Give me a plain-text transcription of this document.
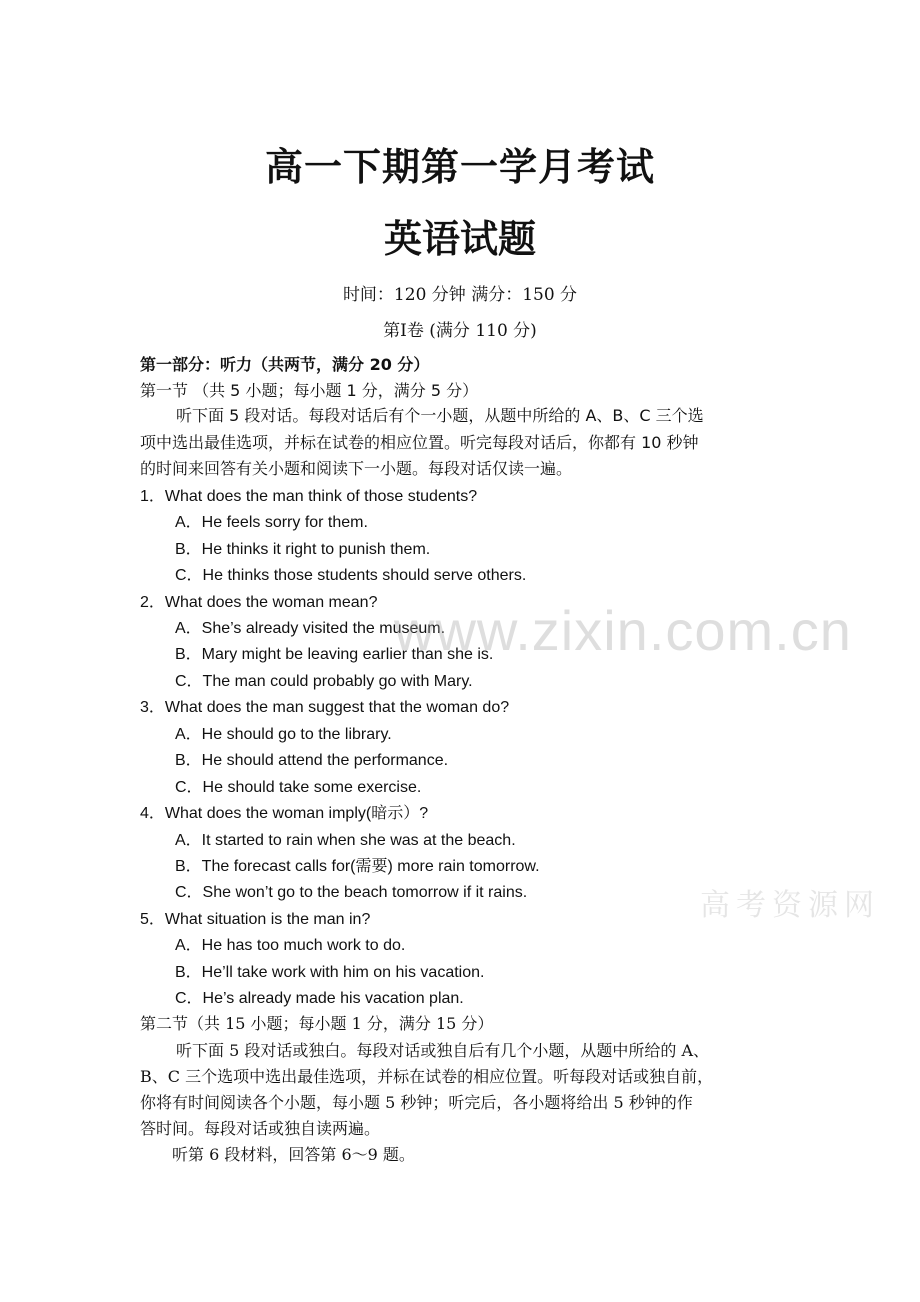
高一下期第一学月考试
英语试题
时间：120 分钟 满分：150 分
第Ⅰ卷 (满分 110 分)
第一部分：听力（共两节，满分 20 分）
第一节 （共 5 小题；每小题 1 分，满分 5 分）
听下面 5 段对话。每段对话后有个一小题，从题中所给的 A、B、C 三个选
项中选出最佳选项，并标在试卷的相应位置。听完每段对话后，你都有 10 秒钟
的时间来回答有关小题和阅读下一小题。每段对话仅读一遍。
1．What does the man think of those students?
A．He feels sorry for them.
B．He thinks it right to punish them.
C．He thinks those students should serve others.
2．What does the woman mean?
A．She’s already visited the museum.
B．Mary might be leaving earlier than she is.
C．The man could probably go with Mary.
3．What does the man suggest that the woman do?
A．He should go to the library.
B．He should attend the performance.
C．He should take some exercise.
4．What does the woman imply(暗示）?
A．It started to rain when she was at the beach.
B．The forecast calls for(需要) more rain tomorrow.
C．She won’t go to the beach tomorrow if it rains.
5．What situation is the man in?
A．He has too much work to do.
B．He’ll take work with him on his vacation.
C．He’s already made his vacation plan.
第二节（共 15 小题；每小题 1 分，满分 15 分）
听下面 5 段对话或独白。每段对话或独自后有几个小题，从题中所给的 A、
B、C 三个选项中选出最佳选项，并标在试卷的相应位置。听每段对话或独自前，
你将有时间阅读各个小题，每小题 5 秒钟；听完后，各小题将给出 5 秒钟的作
答时间。每段对话或独自读两遍。
听第 6 段材料，回答第 6～9 题。
www.zixin.com.cn
高考资源网
